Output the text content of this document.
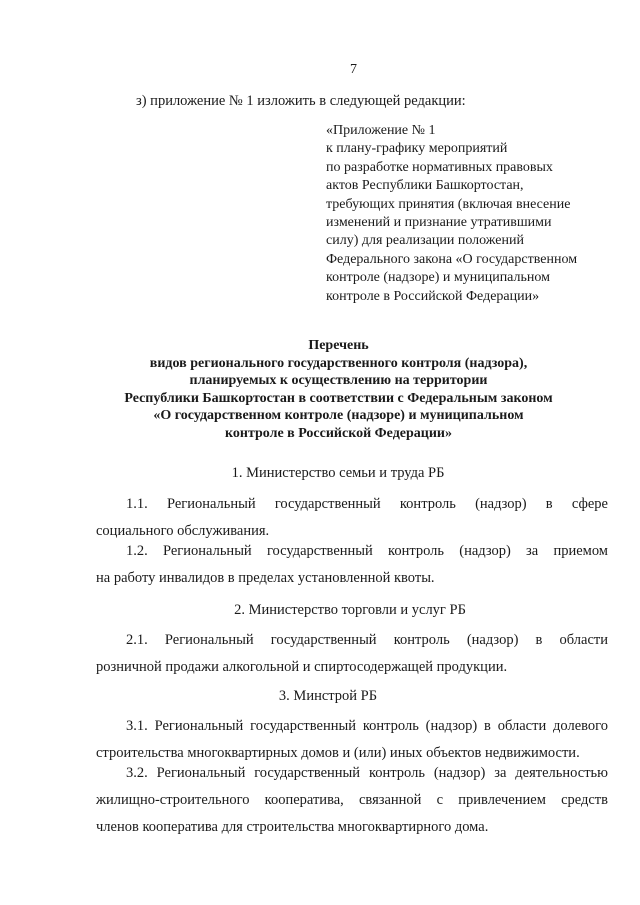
7
з) приложение № 1 изложить в следующей редакции:
«Приложение № 1
к плану-графику мероприятий
по разработке нормативных правовых
актов Республики Башкортостан,
требующих принятия (включая внесение
изменений и признание утратившими
силу) для реализации положений
Федерального закона «О государственном
контроле (надзоре) и муниципальном
контроле в Российской Федерации»
Перечень
видов регионального государственного контроля (надзора),
планируемых к осуществлению на территории
Республики Башкортостан в соответствии с Федеральным законом
«О государственном контроле (надзоре) и муниципальном
контроле в Российской Федерации»
1. Министерство семьи и труда РБ
1.1. Региональный государственный контроль (надзор) в сфере
социального обслуживания.
1.2. Региональный государственный контроль (надзор) за приемом
на работу инвалидов в пределах установленной квоты.
2. Министерство торговли и услуг РБ
2.1. Региональный государственный контроль (надзор) в области
розничной продажи алкогольной и спиртосодержащей продукции.
3. Минстрой РБ
3.1. Региональный государственный контроль (надзор) в области долевого
строительства многоквартирных домов и (или) иных объектов недвижимости.
3.2. Региональный государственный контроль (надзор) за деятельностью
жилищно-строительного кооператива, связанной с привлечением средств
членов кооператива для строительства многоквартирного дома.
